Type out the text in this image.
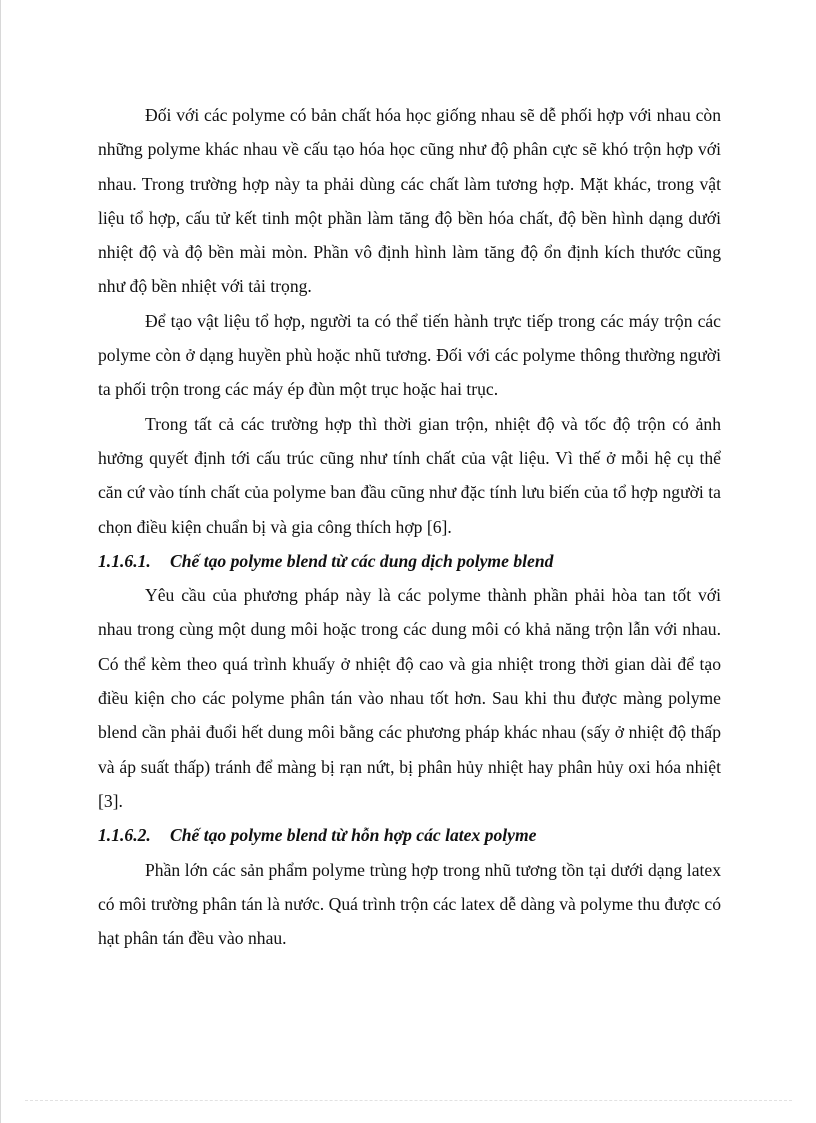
Đối với các polyme có bản chất hóa học giống nhau sẽ dễ phối hợp với nhau còn những polyme khác nhau về cấu tạo hóa học cũng như độ phân cực sẽ khó trộn hợp với nhau. Trong trường hợp này ta phải dùng các chất làm tương hợp. Mặt khác, trong vật liệu tổ hợp, cấu tử kết tinh một phần làm tăng độ bền hóa chất, độ bền hình dạng dưới nhiệt độ và độ bền mài mòn. Phần vô định hình làm tăng độ ổn định kích thước cũng như độ bền nhiệt với tải trọng.

Để tạo vật liệu tổ hợp, người ta có thể tiến hành trực tiếp trong các máy trộn các polyme còn ở dạng huyền phù hoặc nhũ tương. Đối với các polyme thông thường người ta phối trộn trong các máy ép đùn một trục hoặc hai trục.

Trong tất cả các trường hợp thì thời gian trộn, nhiệt độ và tốc độ trộn có ảnh hưởng quyết định tới cấu trúc cũng như tính chất của vật liệu. Vì thế ở mỗi hệ cụ thể căn cứ vào tính chất của polyme ban đầu cũng như đặc tính lưu biến của tổ hợp người ta chọn điều kiện chuẩn bị và gia công thích hợp [6].

1.1.6.1. Chế tạo polyme blend từ các dung dịch polyme blend

Yêu cầu của phương pháp này là các polyme thành phần phải hòa tan tốt với nhau trong cùng một dung môi hoặc trong các dung môi có khả năng trộn lẫn với nhau. Có thể kèm theo quá trình khuấy ở nhiệt độ cao và gia nhiệt trong thời gian dài để tạo điều kiện cho các polyme phân tán vào nhau tốt hơn. Sau khi thu được màng polyme blend cần phải đuổi hết dung môi bằng các phương pháp khác nhau (sấy ở nhiệt độ thấp và áp suất thấp) tránh để màng bị rạn nứt, bị phân hủy nhiệt hay phân hủy oxi hóa nhiệt [3].

1.1.6.2. Chế tạo polyme blend từ hỗn hợp các latex polyme

Phần lớn các sản phẩm polyme trùng hợp trong nhũ tương tồn tại dưới dạng latex có môi trường phân tán là nước. Quá trình trộn các latex dễ dàng và polyme thu được có hạt phân tán đều vào nhau.
